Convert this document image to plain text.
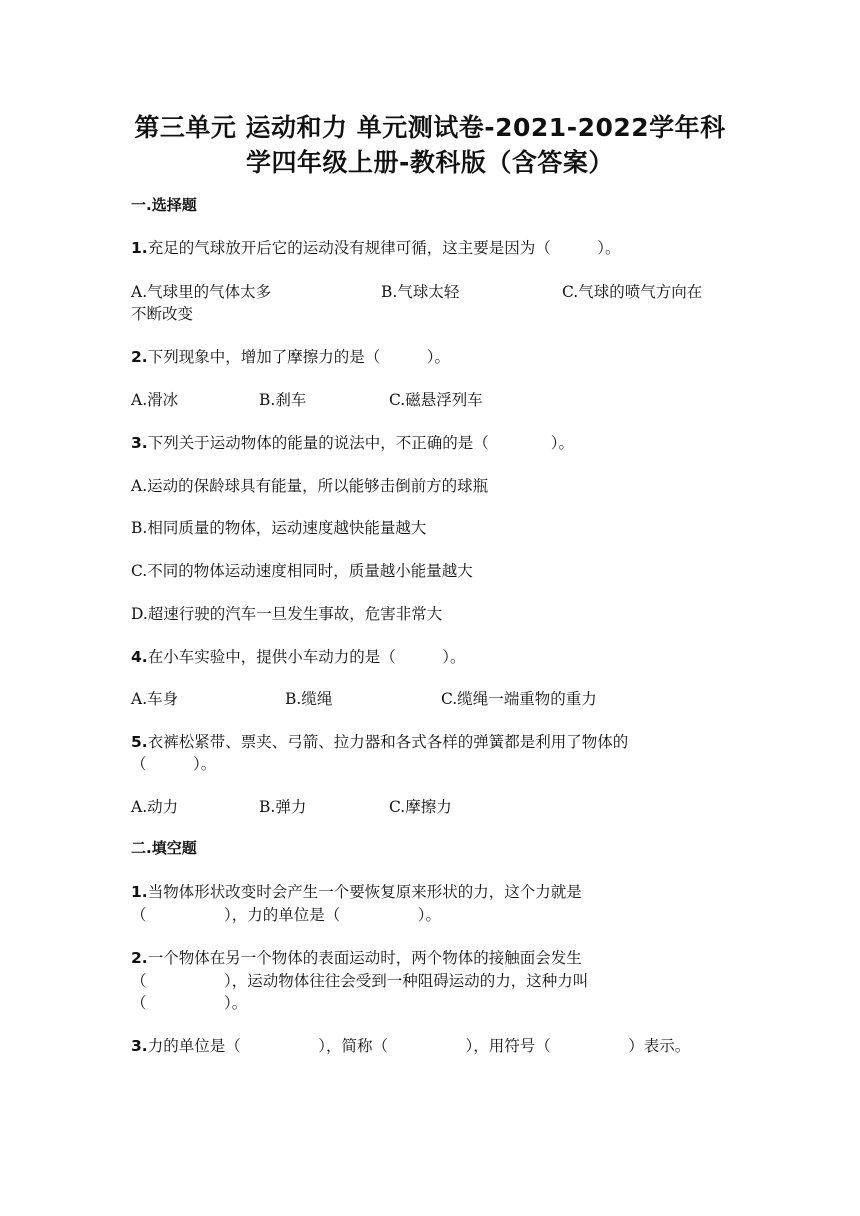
第三单元 运动和力 单元测试卷-2021-2022学年科
学四年级上册-教科版（含答案）
一.选择题
1.充足的气球放开后它的运动没有规律可循，这主要是因为（　　　）。
A.气球里的气体太多	B.气球太轻	C.气球的喷气方向在
不断改变
2.下列现象中，增加了摩擦力的是（　　　）。
A.滑冰	B.刹车	C.磁悬浮列车
3.下列关于运动物体的能量的说法中，不正确的是（　　　　）。
A.运动的保龄球具有能量，所以能够击倒前方的球瓶
B.相同质量的物体，运动速度越快能量越大
C.不同的物体运动速度相同时，质量越小能量越大
D.超速行驶的汽车一旦发生事故，危害非常大
4.在小车实验中，提供小车动力的是（　　　）。
A.车身	B.缆绳	C.缆绳一端重物的重力
5.衣裤松紧带、票夹、弓箭、拉力器和各式各样的弹簧都是利用了物体的
（　　　）。
A.动力	B.弹力	C.摩擦力
二.填空题
1.当物体形状改变时会产生一个要恢复原来形状的力，这个力就是
（　　　　　），力的单位是（　　　　　）。
2.一个物体在另一个物体的表面运动时，两个物体的接触面会发生
（　　　　　），运动物体往往会受到一种阻碍运动的力，这种力叫
（　　　　　）。
3.力的单位是（　　　　　），简称（　　　　　），用符号（　　　　　）表示。
